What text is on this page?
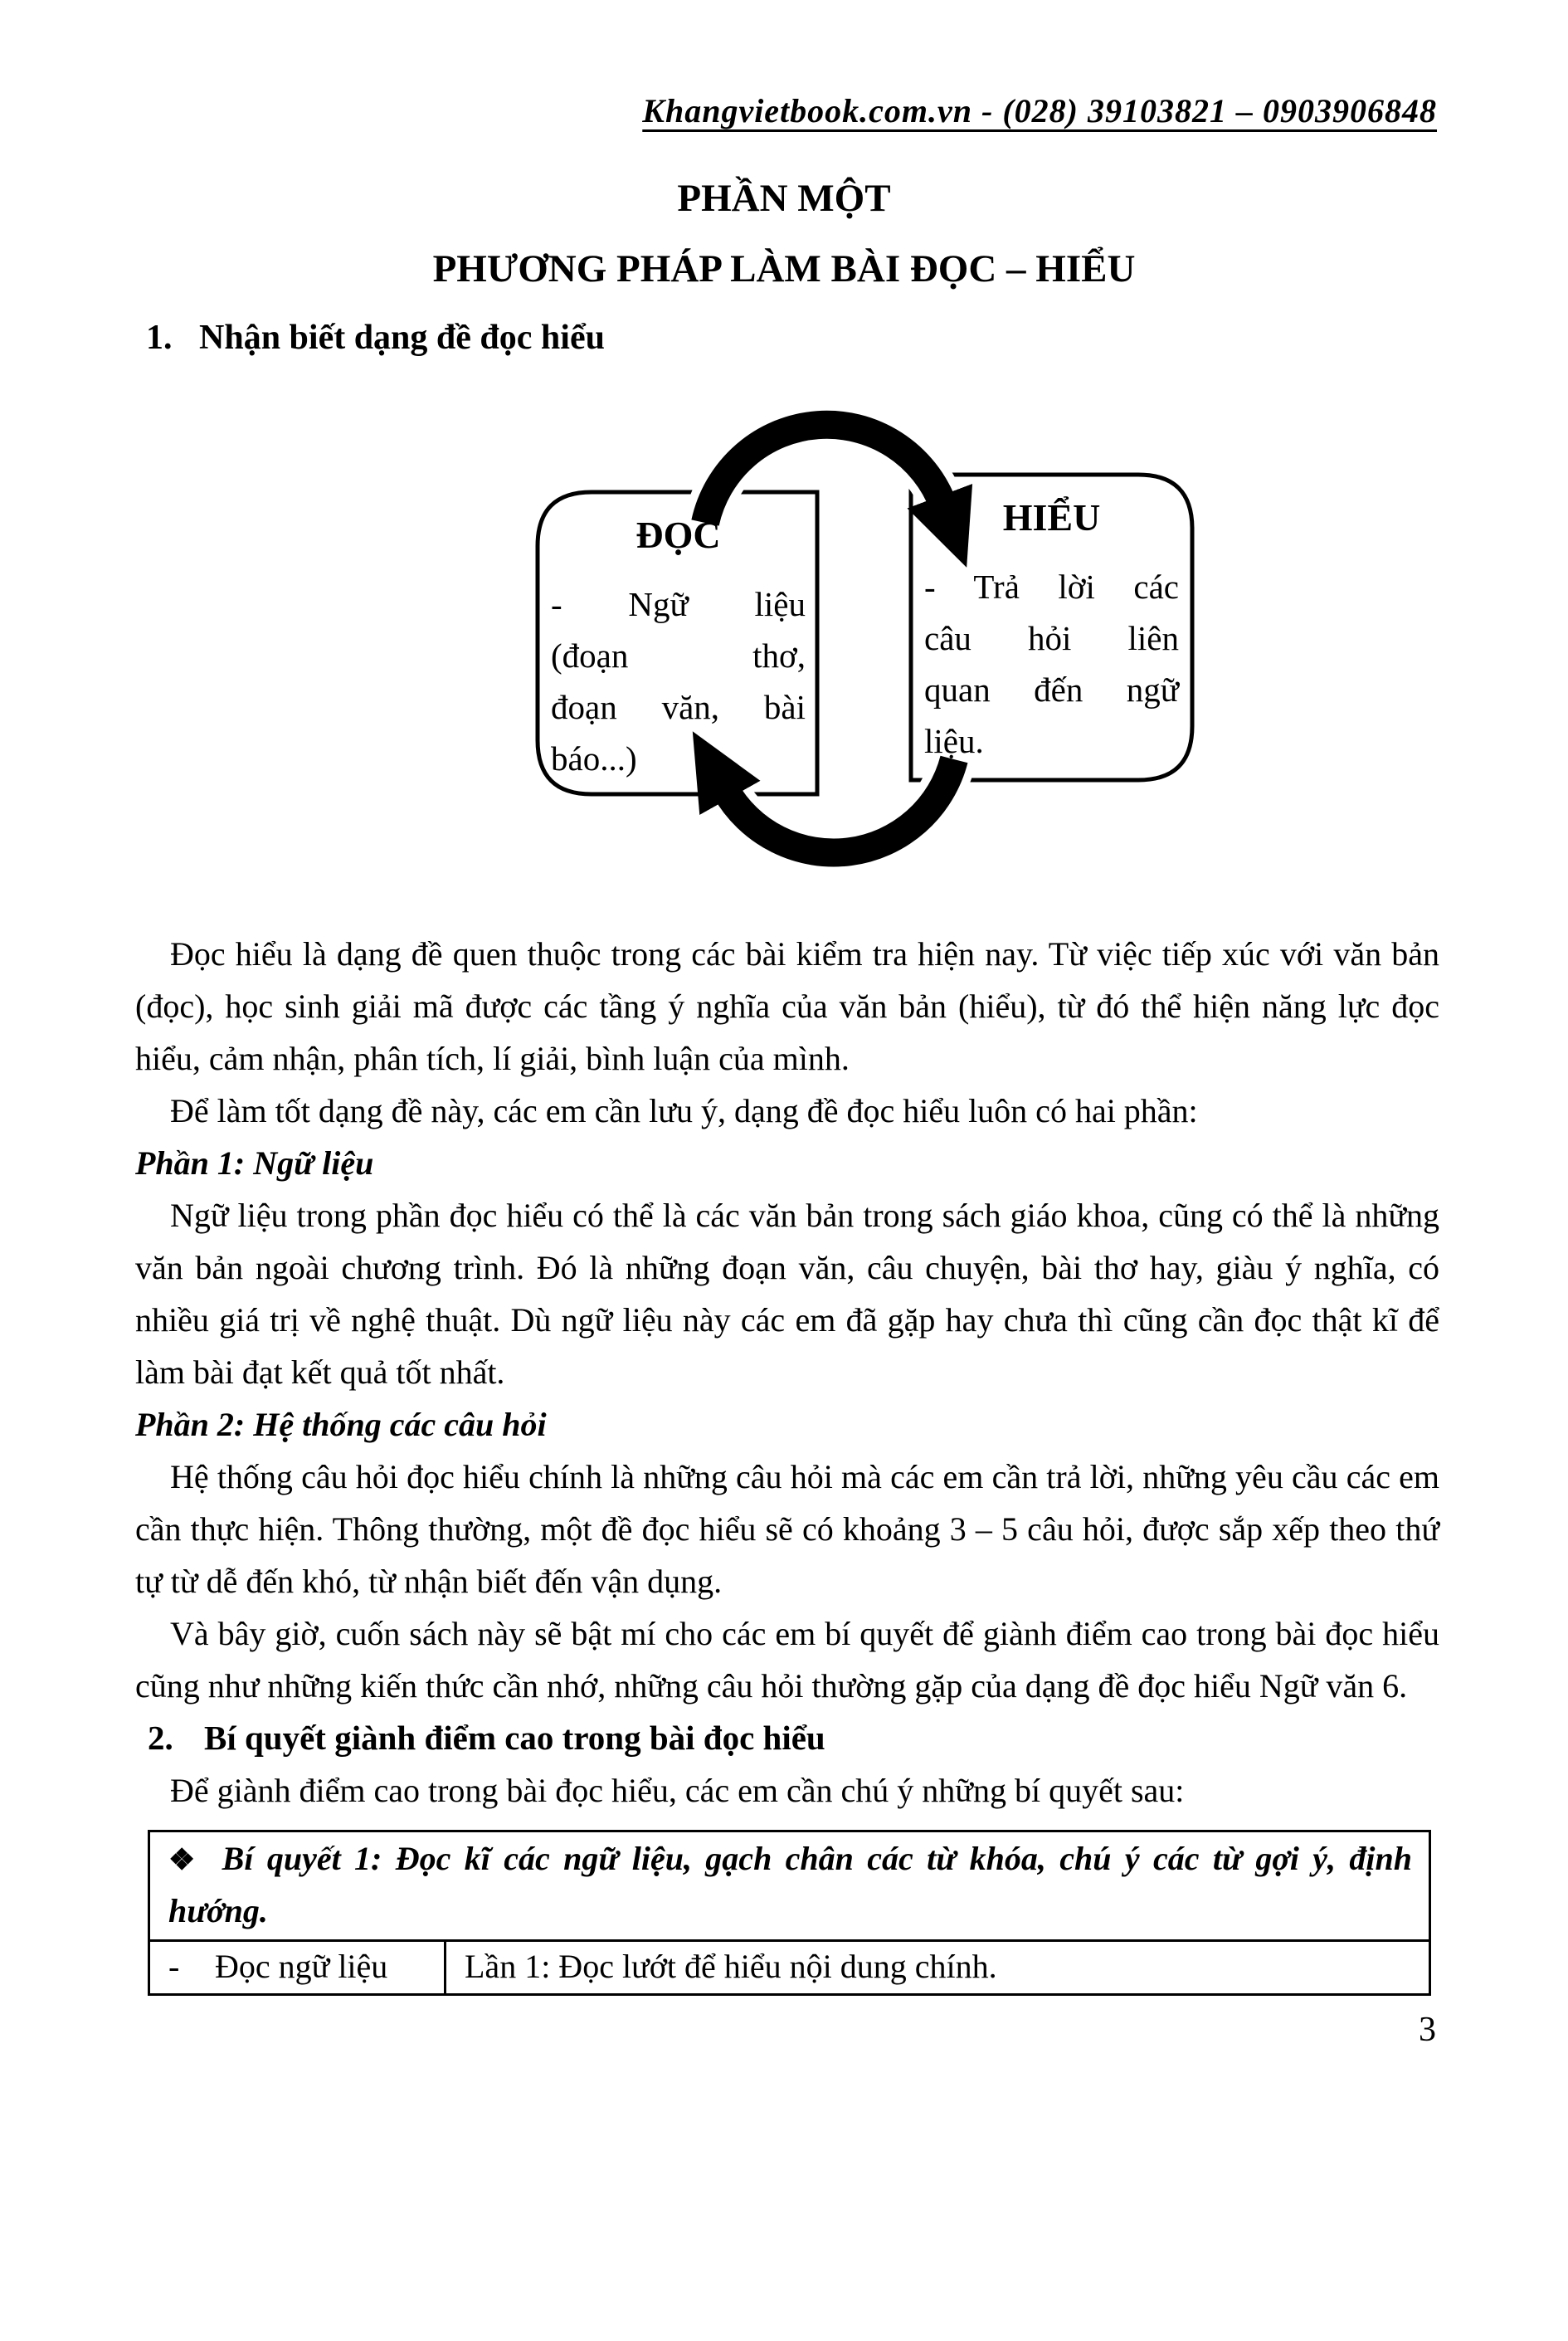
Khangvietbook.com.vn - (028) 39103821 – 0903906848
PHẦN MỘT
PHƯƠNG PHÁP LÀM BÀI ĐỌC – HIỂU
1. Nhận biết dạng đề đọc hiểu
ĐỌC
- Ngữ liệu
(đoạn thơ,
đoạn văn, bài
báo...)
HIỂU
- Trả lời các
câu hỏi liên
quan đến ngữ
liệu.

Đọc hiểu là dạng đề quen thuộc trong các bài kiểm tra hiện nay. Từ việc tiếp xúc với văn bản (đọc), học sinh giải mã được các tầng ý nghĩa của văn bản (hiểu), từ đó thể hiện năng lực đọc hiểu, cảm nhận, phân tích, lí giải, bình luận của mình.

Để làm tốt dạng đề này, các em cần lưu ý, dạng đề đọc hiểu luôn có hai phần:

Phần 1: Ngữ liệu

Ngữ liệu trong phần đọc hiểu có thể là các văn bản trong sách giáo khoa, cũng có thể là những văn bản ngoài chương trình. Đó là những đoạn văn, câu chuyện, bài thơ hay, giàu ý nghĩa, có nhiều giá trị về nghệ thuật. Dù ngữ liệu này các em đã gặp hay chưa thì cũng cần đọc thật kĩ để làm bài đạt kết quả tốt nhất.

Phần 2: Hệ thống các câu hỏi

Hệ thống câu hỏi đọc hiểu chính là những câu hỏi mà các em cần trả lời, những yêu cầu các em cần thực hiện. Thông thường, một đề đọc hiểu sẽ có khoảng 3 – 5 câu hỏi, được sắp xếp theo thứ tự từ dễ đến khó, từ nhận biết đến vận dụng.

Và bây giờ, cuốn sách này sẽ bật mí cho các em bí quyết để giành điểm cao trong bài đọc hiểu cũng như những kiến thức cần nhớ, những câu hỏi thường gặp của dạng đề đọc hiểu Ngữ văn 6.

2. Bí quyết giành điểm cao trong bài đọc hiểu

Để giành điểm cao trong bài đọc hiểu, các em cần chú ý những bí quyết sau:

❖ Bí quyết 1: Đọc kĩ các ngữ liệu, gạch chân các từ khóa, chú ý các từ gợi ý, định hướng.
- Đọc ngữ liệu	Lần 1: Đọc lướt để hiểu nội dung chính.
3
